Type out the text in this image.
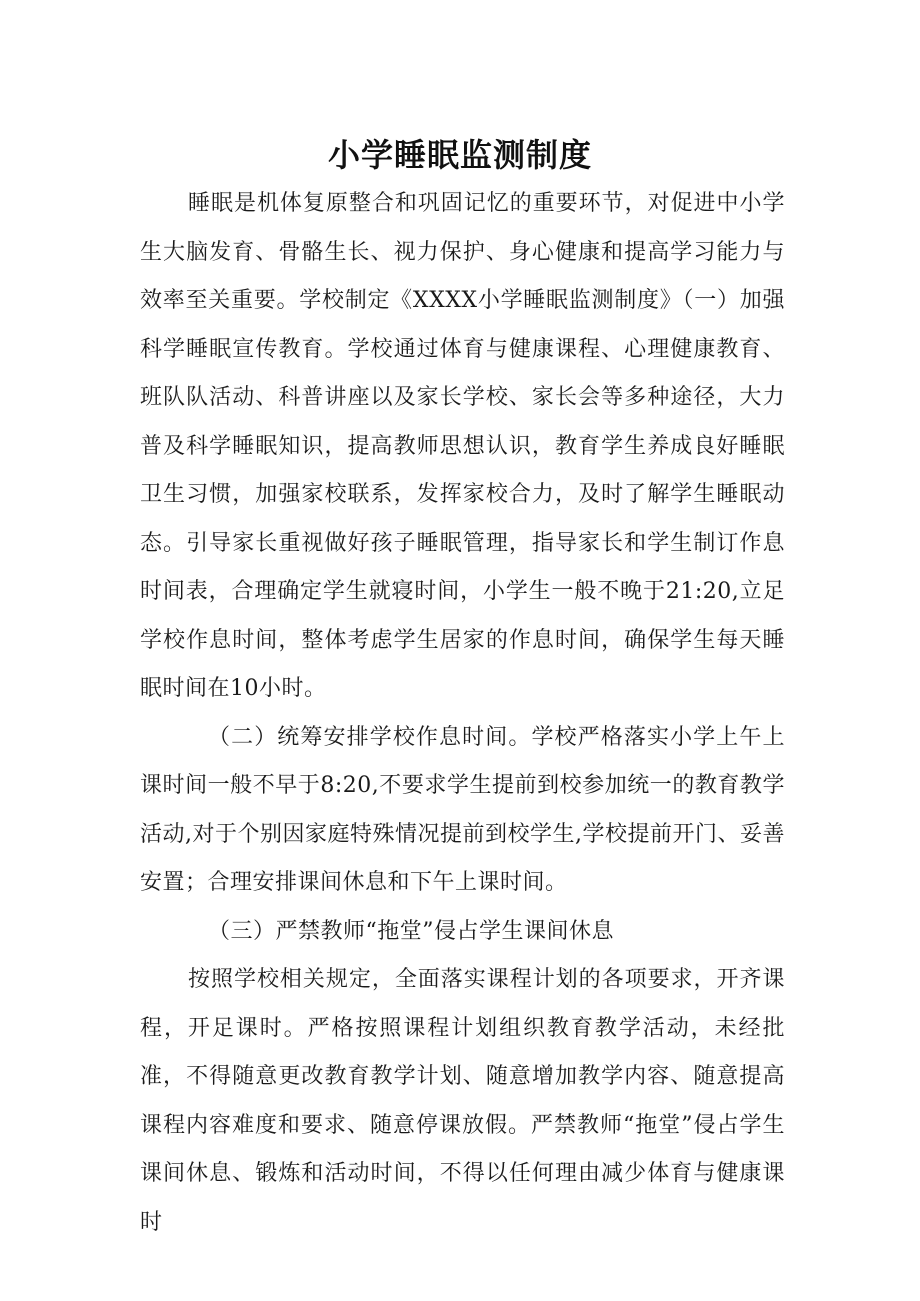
小学睡眠监测制度

睡眠是机体复原整合和巩固记忆的重要环节，对促进中小学生大脑发育、骨骼生长、视力保护、身心健康和提高学习能力与效率至关重要。学校制定《XXXX小学睡眠监测制度》（一）加强科学睡眠宣传教育。学校通过体育与健康课程、心理健康教育、班队队活动、科普讲座以及家长学校、家长会等多种途径，大力普及科学睡眠知识，提高教师思想认识，教育学生养成良好睡眠卫生习惯，加强家校联系，发挥家校合力，及时了解学生睡眠动态。引导家长重视做好孩子睡眠管理，指导家长和学生制订作息时间表，合理确定学生就寝时间，小学生一般不晚于21:20,立足学校作息时间，整体考虑学生居家的作息时间，确保学生每天睡眠时间在10小时。

（二）统筹安排学校作息时间。学校严格落实小学上午上课时间一般不早于8:20,不要求学生提前到校参加统一的教育教学活动,对于个别因家庭特殊情况提前到校学生,学校提前开门、妥善安置；合理安排课间休息和下午上课时间。

（三）严禁教师“拖堂”侵占学生课间休息

按照学校相关规定，全面落实课程计划的各项要求，开齐课程，开足课时。严格按照课程计划组织教育教学活动，未经批准，不得随意更改教育教学计划、随意增加教学内容、随意提高课程内容难度和要求、随意停课放假。严禁教师“拖堂”侵占学生课间休息、锻炼和活动时间，不得以任何理由减少体育与健康课时
